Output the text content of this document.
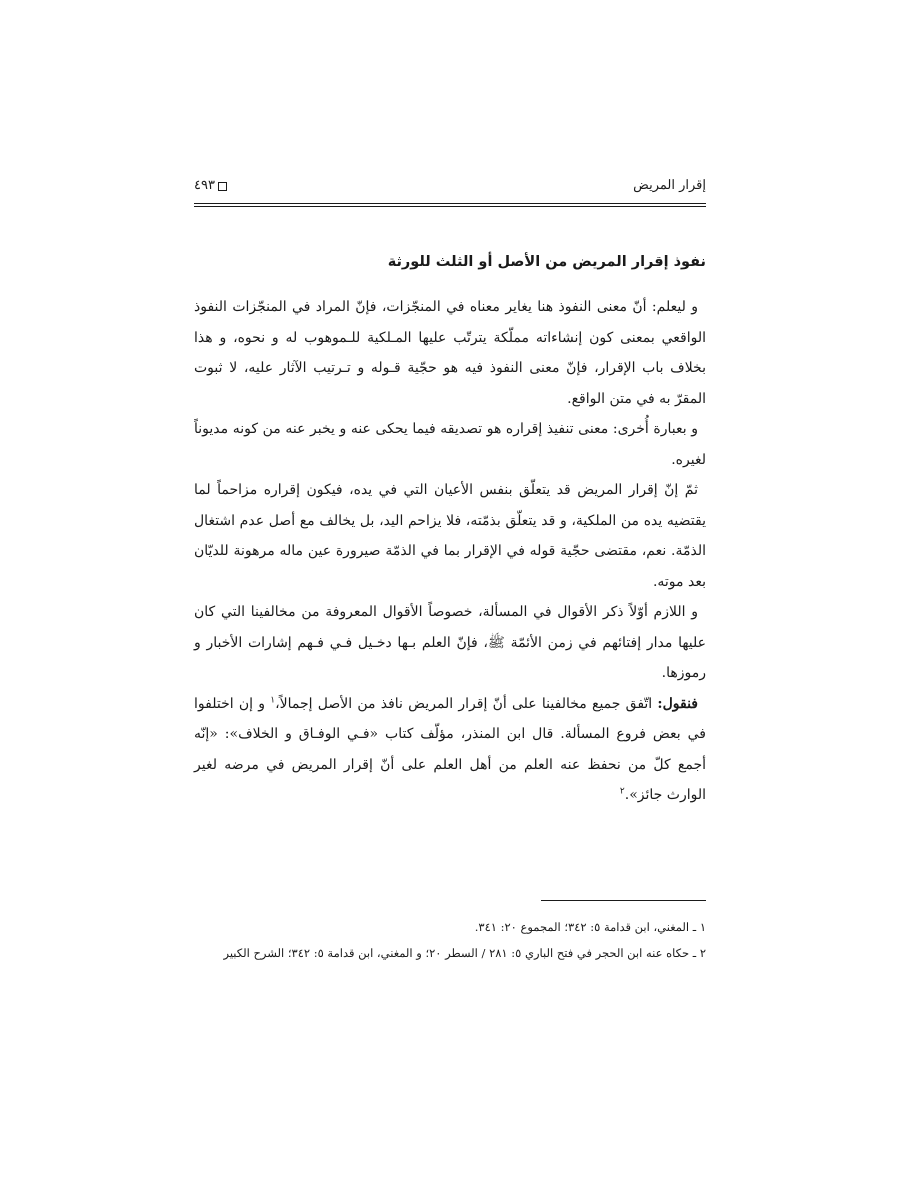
إقرار المريض
٤٩٣
نفوذ إقرار المريض من الأصل أو الثلث للورثة

و ليعلم: أنّ معنى النفوذ هنا يغاير معناه في المنجّزات، فإنّ المراد في المنجّزات النفوذ الواقعي بمعنى كون إنشاءاته مملّكة يترتّب عليها المـلكية للـموهوب له و نحوه، و هذا بخلاف باب الإقرار، فإنّ معنى النفوذ فيه هو حجّية قـوله و تـرتيب الآثار عليه، لا ثبوت المقرّ به في متن الواقع.

و بعبارة أُخرى: معنى تنفيذ إقراره هو تصديقه فيما يحكى عنه و يخبر عنه من كونه مديوناً لغيره.

ثمّ إنّ إقرار المريض قد يتعلّق بنفس الأعيان التي في يده، فيكون إقراره مزاحماً لما يقتضيه يده من الملكية، و قد يتعلّق بذمّته، فلا يزاحم اليد، بل يخالف مع أصل عدم اشتغال الذمّة. نعم، مقتضى حجّية قوله في الإقرار بما في الذمّة صيرورة عين ماله مرهونة للديّان بعد موته.

و اللازم أوّلاً ذكر الأقوال في المسألة، خصوصاً الأقوال المعروفة من مخالفينا التي كان عليها مدار إفتائهم في زمن الأئمّة ﷺ، فإنّ العلم بـها دخـيل فـي فـهم إشارات الأخبار و رموزها.

فنقول: اتّفق جميع مخالفينا على أنّ إقرار المريض نافذ من الأصل إجمالاً،$^١$ و إن اختلفوا في بعض فروع المسألة. قال ابن المنذر، مؤلّف كتاب «فـي الوفـاق و الخلاف»: «إنّه أجمع كلّ من نحفظ عنه العلم من أهل العلم على أنّ إقرار المريض في مرضه لغير الوارث جائز».$^٢$

١ ـ المغني، ابن قدامة ٥: ٣٤٢؛ المجموع ٢٠: ٣٤١.

٢ ـ حكاه عنه ابن الحجر في فتح الباري ٥: ٢٨١ / السطر ٢٠؛ و المغني، ابن قدامة ٥: ٣٤٢؛ الشرح الكبير
